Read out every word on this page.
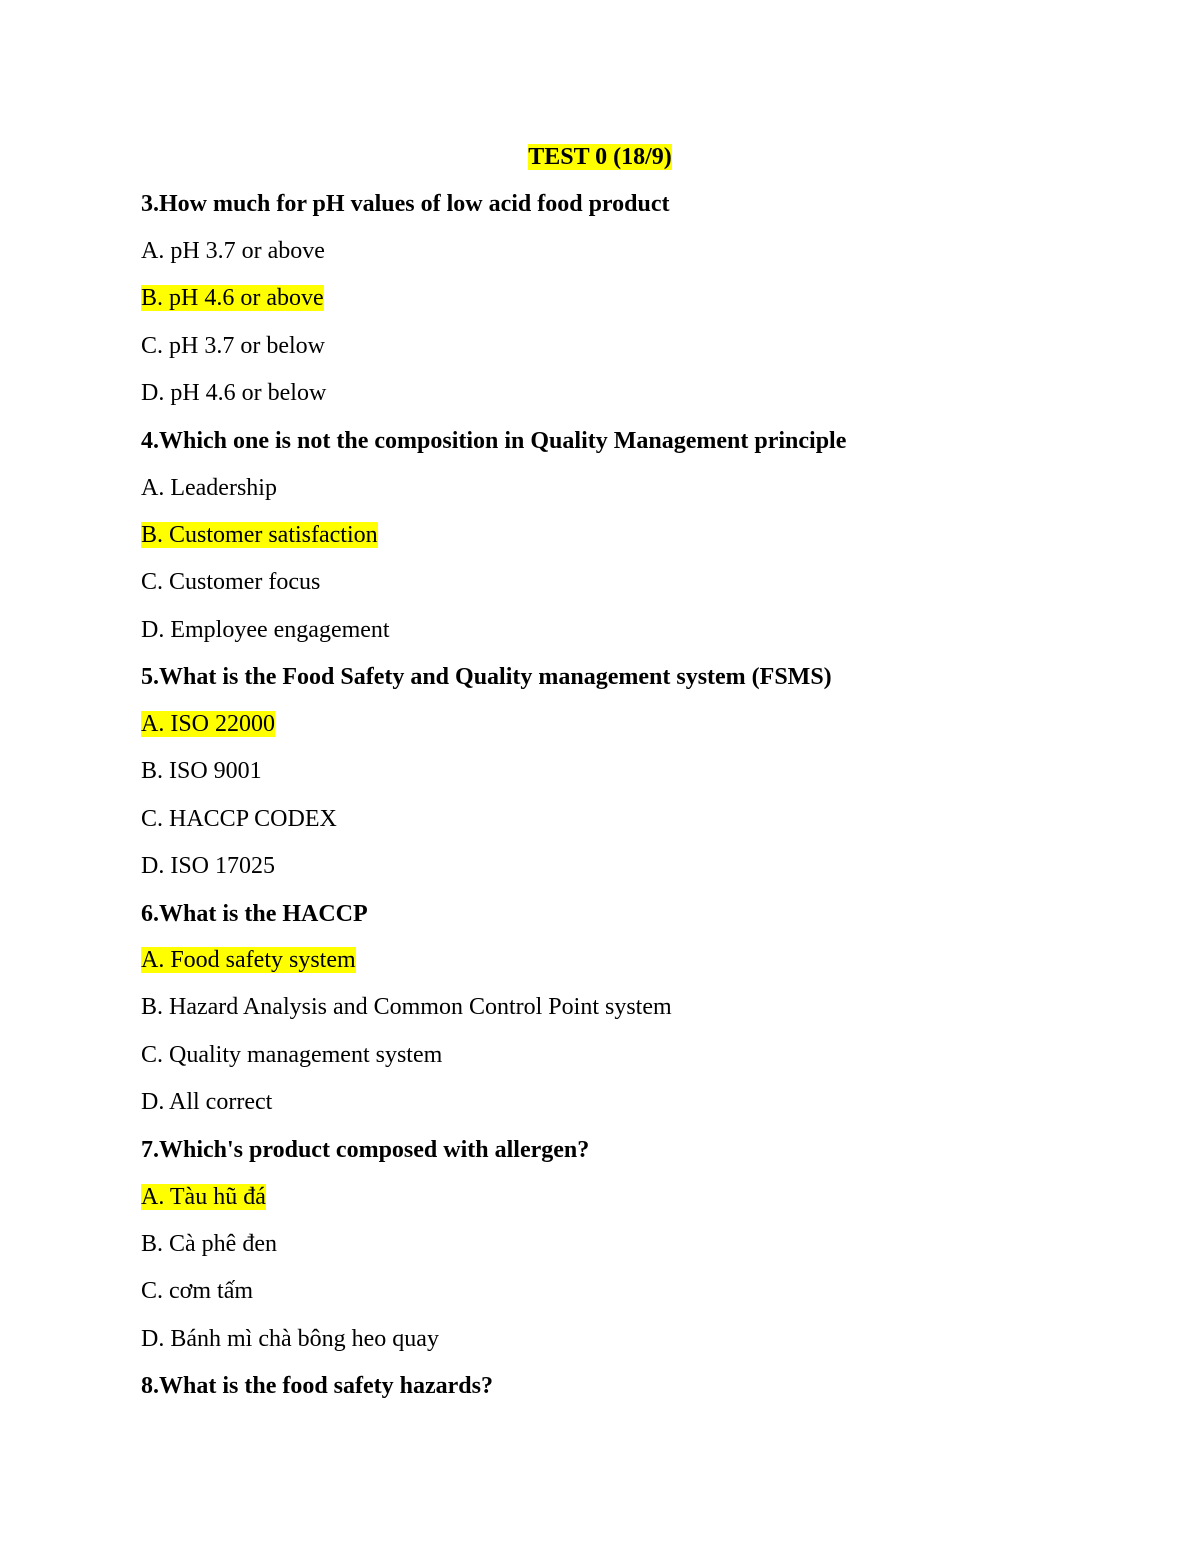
TEST 0 (18/9)
3.How much for pH values of low acid food product
A. pH 3.7 or above
B. pH 4.6 or above
C. pH 3.7 or below
D. pH 4.6 or below
4.Which one is not the composition in Quality Management principle
A. Leadership
B. Customer satisfaction
C. Customer focus
D. Employee engagement
5.What is the Food Safety and Quality management system (FSMS)
A. ISO 22000
B. ISO 9001
C. HACCP CODEX
D. ISO 17025
6.What is the HACCP
A. Food safety system
B. Hazard Analysis and Common Control Point system
C. Quality management system
D. All correct
7.Which's product composed with allergen?
A. Tàu hũ đá
B. Cà phê đen
C. cơm tấm
D. Bánh mì chà bông heo quay
8.What is the food safety hazards?
